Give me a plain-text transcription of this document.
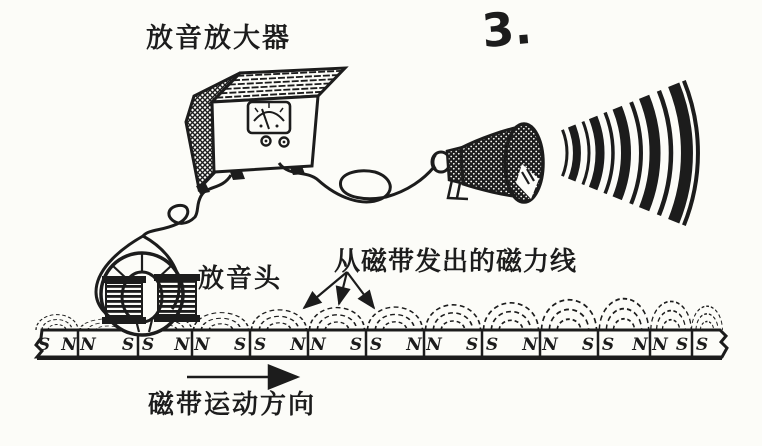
S N N S S N N S S N N S S N N S S N N S S N N S S
放音放大器	3.
放音头
从磁带发出的磁力线
磁带运动方向
